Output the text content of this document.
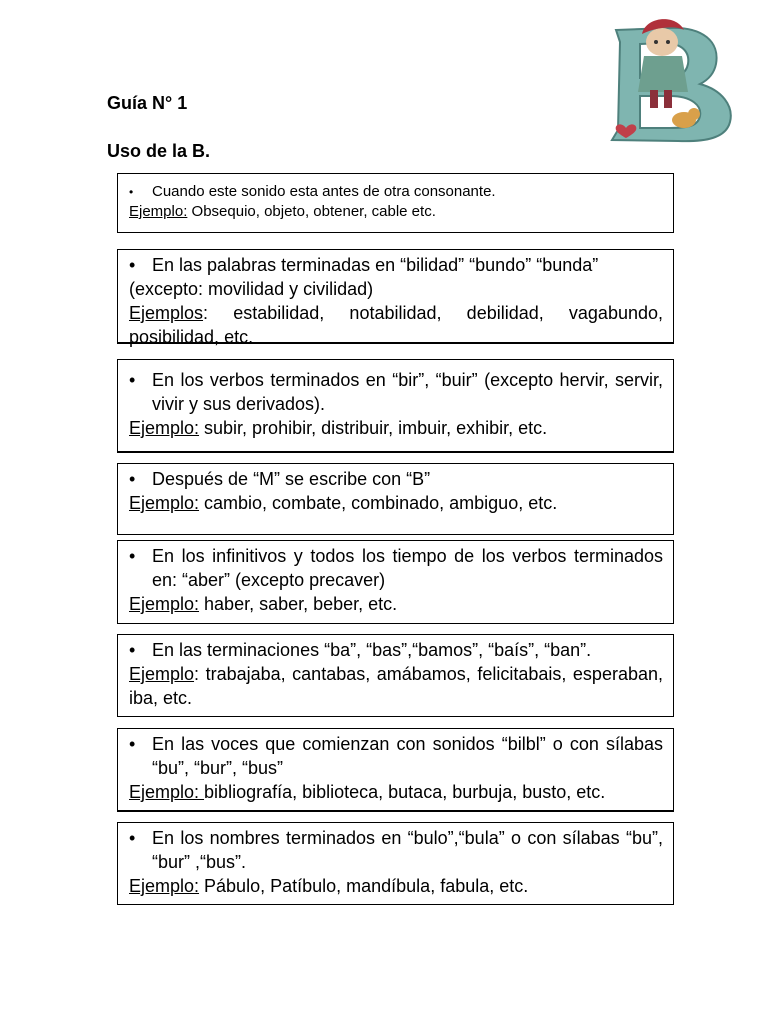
Guía N° 1
Uso de la B.
B
•	Cuando este sonido esta antes de otra consonante.

Ejemplo: Obsequio, objeto, obtener, cable etc.

• En las palabras terminadas en “bilidad” “bundo” “bunda”

(excepto: movilidad y civilidad)

Ejemplos: estabilidad, notabilidad, debilidad, vagabundo, posibilidad, etc.

• En los verbos terminados en “bir”, “buir” (excepto hervir, servir, vivir y sus derivados).

Ejemplo: subir, prohibir, distribuir, imbuir, exhibir, etc.

• Después de “M” se escribe con “B”

Ejemplo: cambio, combate, combinado, ambiguo, etc.

• En los infinitivos y todos los tiempo de los verbos terminados en: “aber” (excepto precaver)

Ejemplo: haber, saber, beber, etc.

• En las terminaciones “ba”, “bas”,“bamos”, “baís”, “ban”.

Ejemplo: trabajaba, cantabas, amábamos, felicitabais, esperaban, iba, etc.

• En las voces que comienzan con sonidos “bilbl” o con sílabas “bu”, “bur”, “bus”

Ejemplo: bibliografía, biblioteca, butaca, burbuja, busto, etc.

• En los nombres terminados en “bulo”,“bula” o con sílabas “bu”, “bur” ,“bus”.

Ejemplo: Pábulo, Patíbulo, mandíbula, fabula, etc.
